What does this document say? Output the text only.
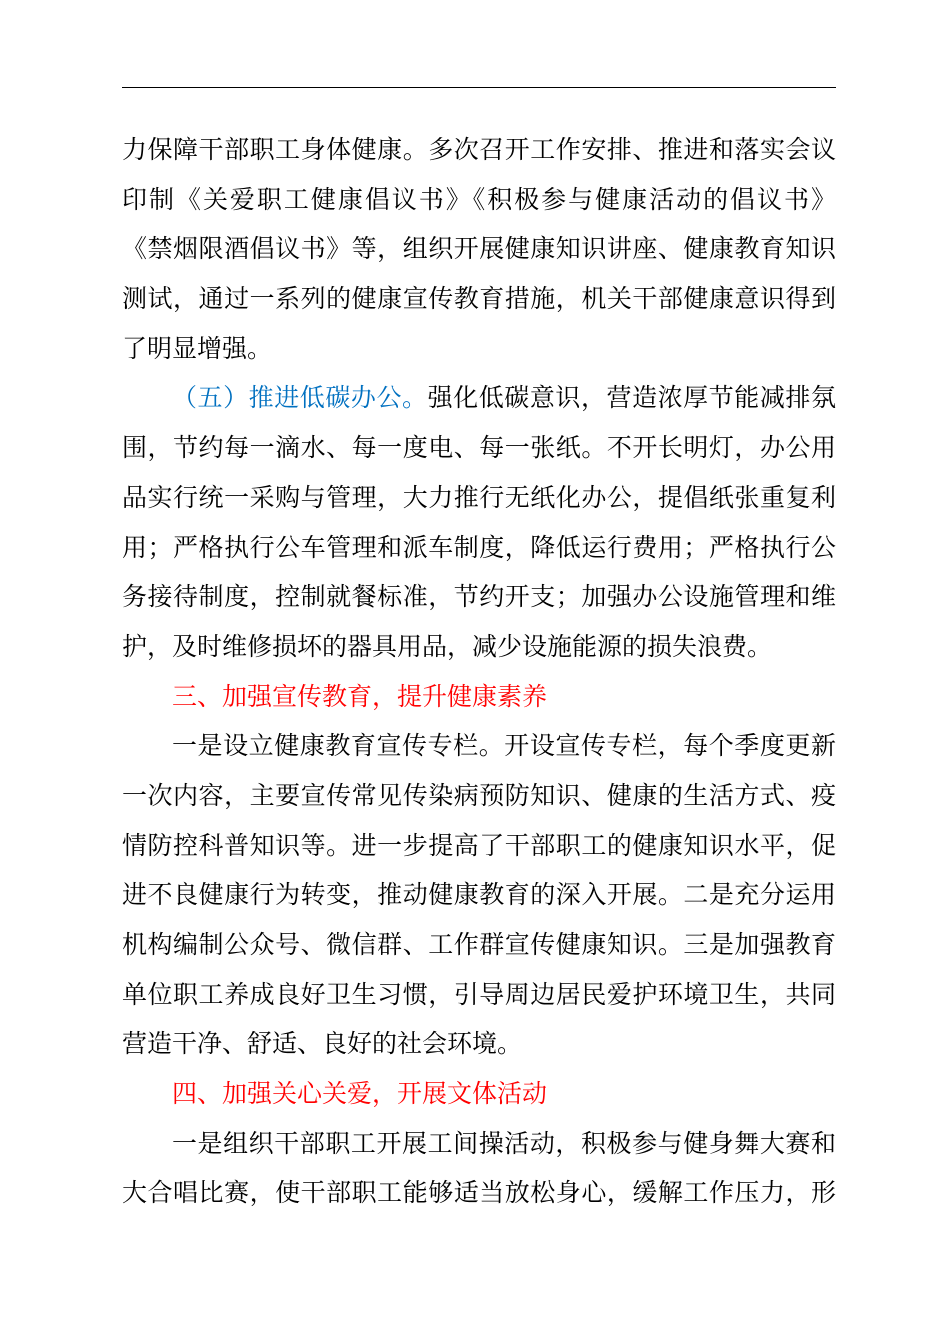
力保障干部职工身体健康。多次召开工作安排、推进和落实会议
印制《关爱职工健康倡议书》《积极参与健康活动的倡议书》
《禁烟限酒倡议书》等，组织开展健康知识讲座、健康教育知识
测试，通过一系列的健康宣传教育措施，机关干部健康意识得到
了明显增强。
（五）推进低碳办公。强化低碳意识，营造浓厚节能减排氛
围，节约每一滴水、每一度电、每一张纸。不开长明灯，办公用
品实行统一采购与管理，大力推行无纸化办公，提倡纸张重复利
用；严格执行公车管理和派车制度，降低运行费用；严格执行公
务接待制度，控制就餐标准，节约开支；加强办公设施管理和维
护，及时维修损坏的器具用品，减少设施能源的损失浪费。
三、加强宣传教育，提升健康素养
一是设立健康教育宣传专栏。开设宣传专栏，每个季度更新
一次内容，主要宣传常见传染病预防知识、健康的生活方式、疫
情防控科普知识等。进一步提高了干部职工的健康知识水平，促
进不良健康行为转变，推动健康教育的深入开展。二是充分运用
机构编制公众号、微信群、工作群宣传健康知识。三是加强教育
单位职工养成良好卫生习惯，引导周边居民爱护环境卫生，共同
营造干净、舒适、良好的社会环境。
四、加强关心关爱，开展文体活动
一是组织干部职工开展工间操活动，积极参与健身舞大赛和
大合唱比赛，使干部职工能够适当放松身心，缓解工作压力，形
